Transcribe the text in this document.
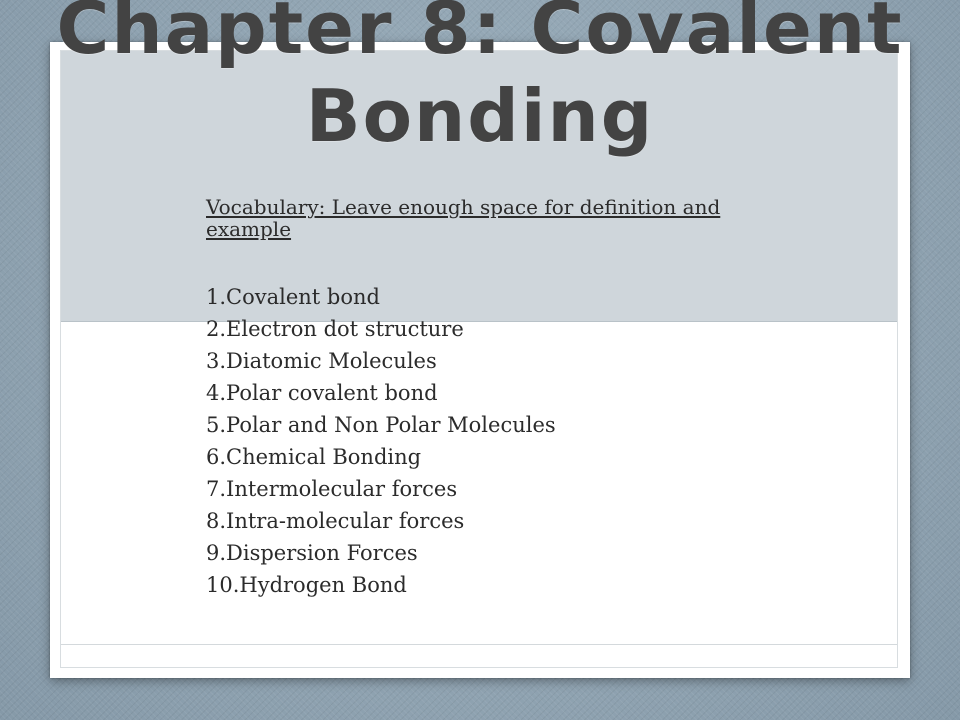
Chapter 8: Covalent Bonding

Vocabulary: Leave enough space for definition and example

1.Covalent bond
2.Electron dot structure
3.Diatomic Molecules
4.Polar covalent bond
5.Polar and Non Polar Molecules
6.Chemical Bonding
7.Intermolecular forces
8.Intra-molecular forces
9.Dispersion Forces
10.Hydrogen Bond
